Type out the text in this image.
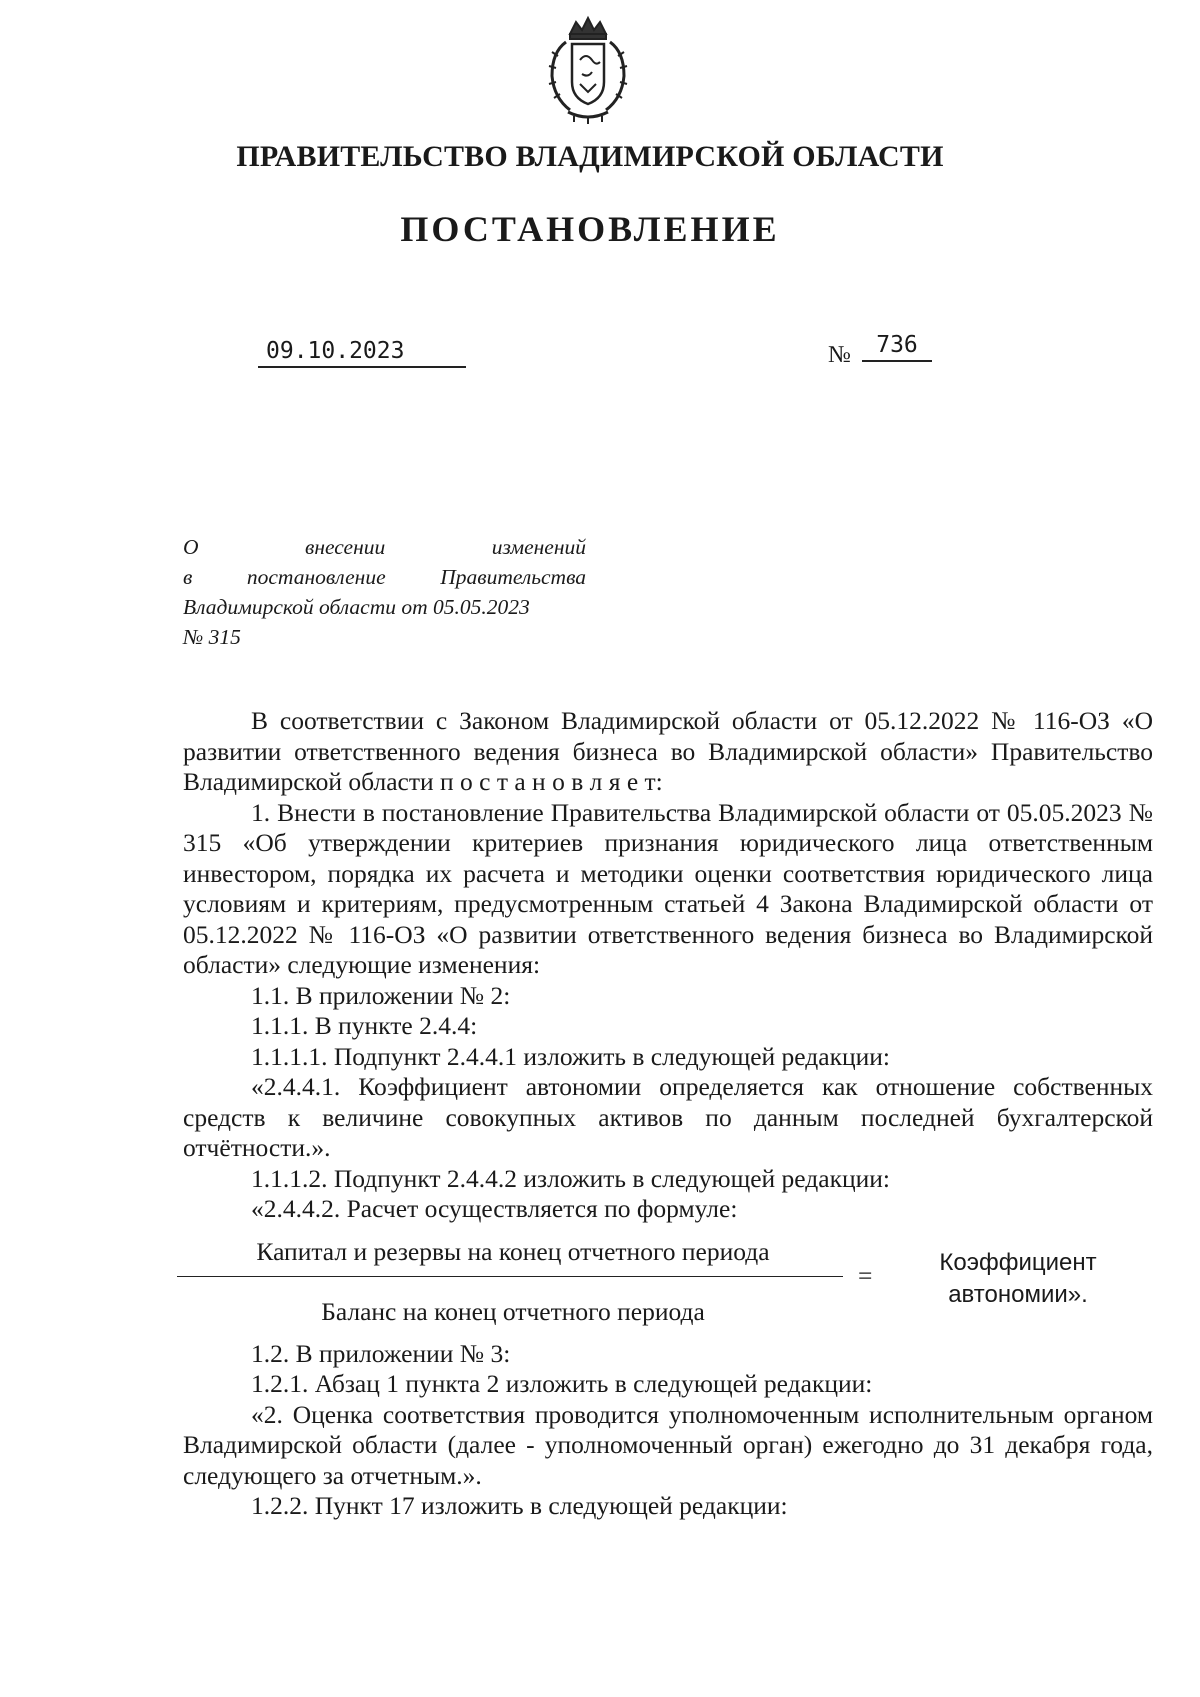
ПРАВИТЕЛЬСТВО ВЛАДИМИРСКОЙ ОБЛАСТИ
ПОСТАНОВЛЕНИЕ
09.10.2023	№	736
О	внесении	изменений
в постановление	Правительства
Владимирской области от 05.05.2023
№ 315

В соответствии с Законом Владимирской области от 05.12.2022 № 116-ОЗ «О развитии ответственного ведения бизнеса во Владимирской области» Правительство Владимирской области п о с т а н о в л я е т:

1. Внести в постановление Правительства Владимирской области от 05.05.2023 № 315 «Об утверждении критериев признания юридического лица ответственным инвестором, порядка их расчета и методики оценки соответствия юридического лица условиям и критериям, предусмотренным статьей 4 Закона Владимирской области от 05.12.2022 № 116-ОЗ «О развитии ответственного ведения бизнеса во Владимирской области» следующие изменения:

1.1. В приложении № 2:

1.1.1. В пункте 2.4.4:

1.1.1.1. Подпункт 2.4.4.1 изложить в следующей редакции:

«2.4.4.1. Коэффициент автономии определяется как отношение собственных средств к величине совокупных активов по данным последней бухгалтерской отчётности.».

1.1.1.2. Подпункт 2.4.4.2 изложить в следующей редакции:

«2.4.4.2. Расчет осуществляется по формуле:

Капитал и резервы на конец отчетного периода
Баланс на конец отчетного периода
=	Коэффициент
автономии».

1.2. В приложении № 3:

1.2.1. Абзац 1 пункта 2 изложить в следующей редакции:

«2. Оценка соответствия проводится уполномоченным исполнительным органом Владимирской области (далее - уполномоченный орган) ежегодно до 31 декабря года, следующего за отчетным.».

1.2.2. Пункт 17 изложить в следующей редакции:
